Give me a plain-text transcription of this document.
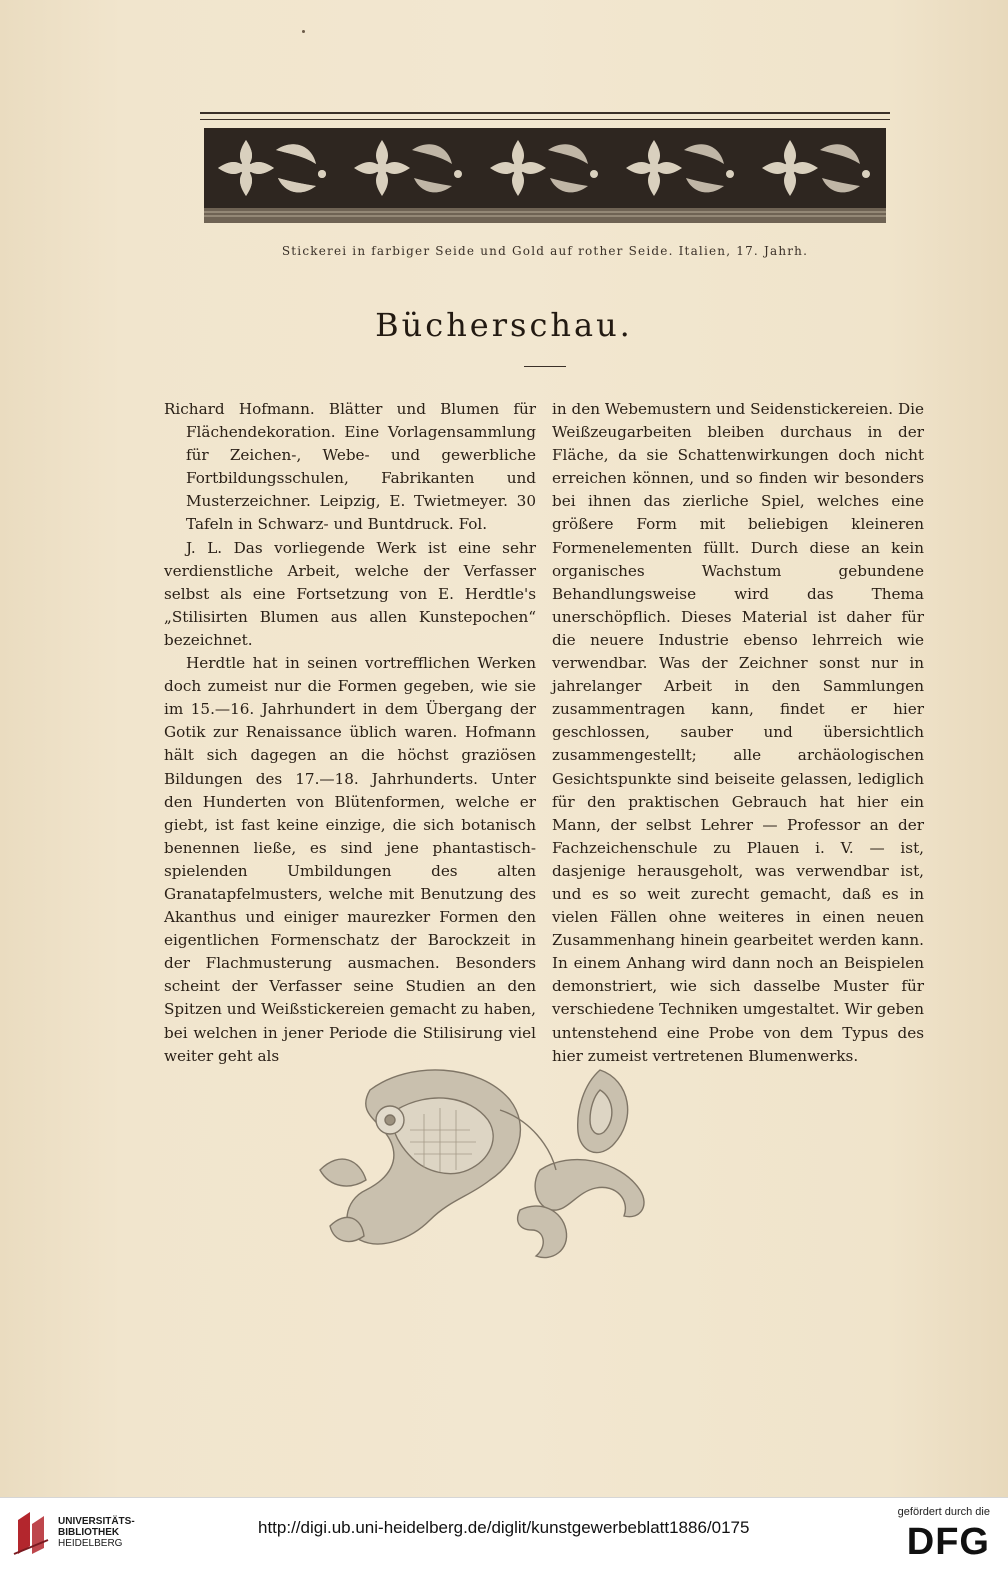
Stickerei in farbiger Seide und Gold auf rother Seide. Italien, 17. Jahrh.
Bücherschau.

Richard Hofmann. Blätter und Blumen für Flächendekoration. Eine Vorlagensammlung für Zeichen-, Webe- und gewerbliche Fortbildungsschulen, Fabrikanten und Musterzeichner. Leipzig, E. Twietmeyer. 30 Tafeln in Schwarz- und Buntdruck. Fol.

J. L. Das vorliegende Werk ist eine sehr verdienstliche Arbeit, welche der Verfasser selbst als eine Fortsetzung von E. Herdtle's „Stilisirten Blumen aus allen Kunstepochen“ bezeichnet.

Herdtle hat in seinen vortrefflichen Werken doch zumeist nur die Formen gegeben, wie sie im 15.—16. Jahrhundert in dem Übergang der Gotik zur Renaissance üblich waren. Hofmann hält sich dagegen an die höchst graziösen Bildungen des 17.—18. Jahrhunderts. Unter den Hunderten von Blütenformen, welche er giebt, ist fast keine einzige, die sich botanisch benennen ließe, es sind jene phantastisch-spielenden Umbildungen des alten Granatapfelmusters, welche mit Benutzung des Akanthus und einiger maurezker Formen den eigentlichen Formenschatz der Barockzeit in der Flachmusterung ausmachen. Besonders scheint der Verfasser seine Studien an den Spitzen und Weißstickereien gemacht zu haben, bei welchen in jener Periode die Stilisirung viel weiter geht als

in den Webemustern und Seidenstickereien. Die Weißzeugarbeiten bleiben durchaus in der Fläche, da sie Schattenwirkungen doch nicht erreichen können, und so finden wir besonders bei ihnen das zierliche Spiel, welches eine größere Form mit beliebigen kleineren Formenelementen füllt. Durch diese an kein organisches Wachstum gebundene Behandlungsweise wird das Thema unerschöpflich. Dieses Material ist daher für die neuere Industrie ebenso lehrreich wie verwendbar. Was der Zeichner sonst nur in jahrelanger Arbeit in den Sammlungen zusammentragen kann, findet er hier geschlossen, sauber und übersichtlich zusammengestellt; alle archäologischen Gesichtspunkte sind beiseite gelassen, lediglich für den praktischen Gebrauch hat hier ein Mann, der selbst Lehrer — Professor an der Fachzeichenschule zu Plauen i. V. — ist, dasjenige herausgeholt, was verwendbar ist, und es so weit zurecht gemacht, daß es in vielen Fällen ohne weiteres in einen neuen Zusammenhang hinein gearbeitet werden kann. In einem Anhang wird dann noch an Beispielen demonstriert, wie sich dasselbe Muster für verschiedene Techniken umgestaltet. Wir geben untenstehend eine Probe von dem Typus des hier zumeist vertretenen Blumenwerks.

UNIVERSITÄTS-
BIBLIOTHEK
HEIDELBERG
http://digi.ub.uni-heidelberg.de/diglit/kunstgewerbeblatt1886/0175
gefördert durch die
DFG
